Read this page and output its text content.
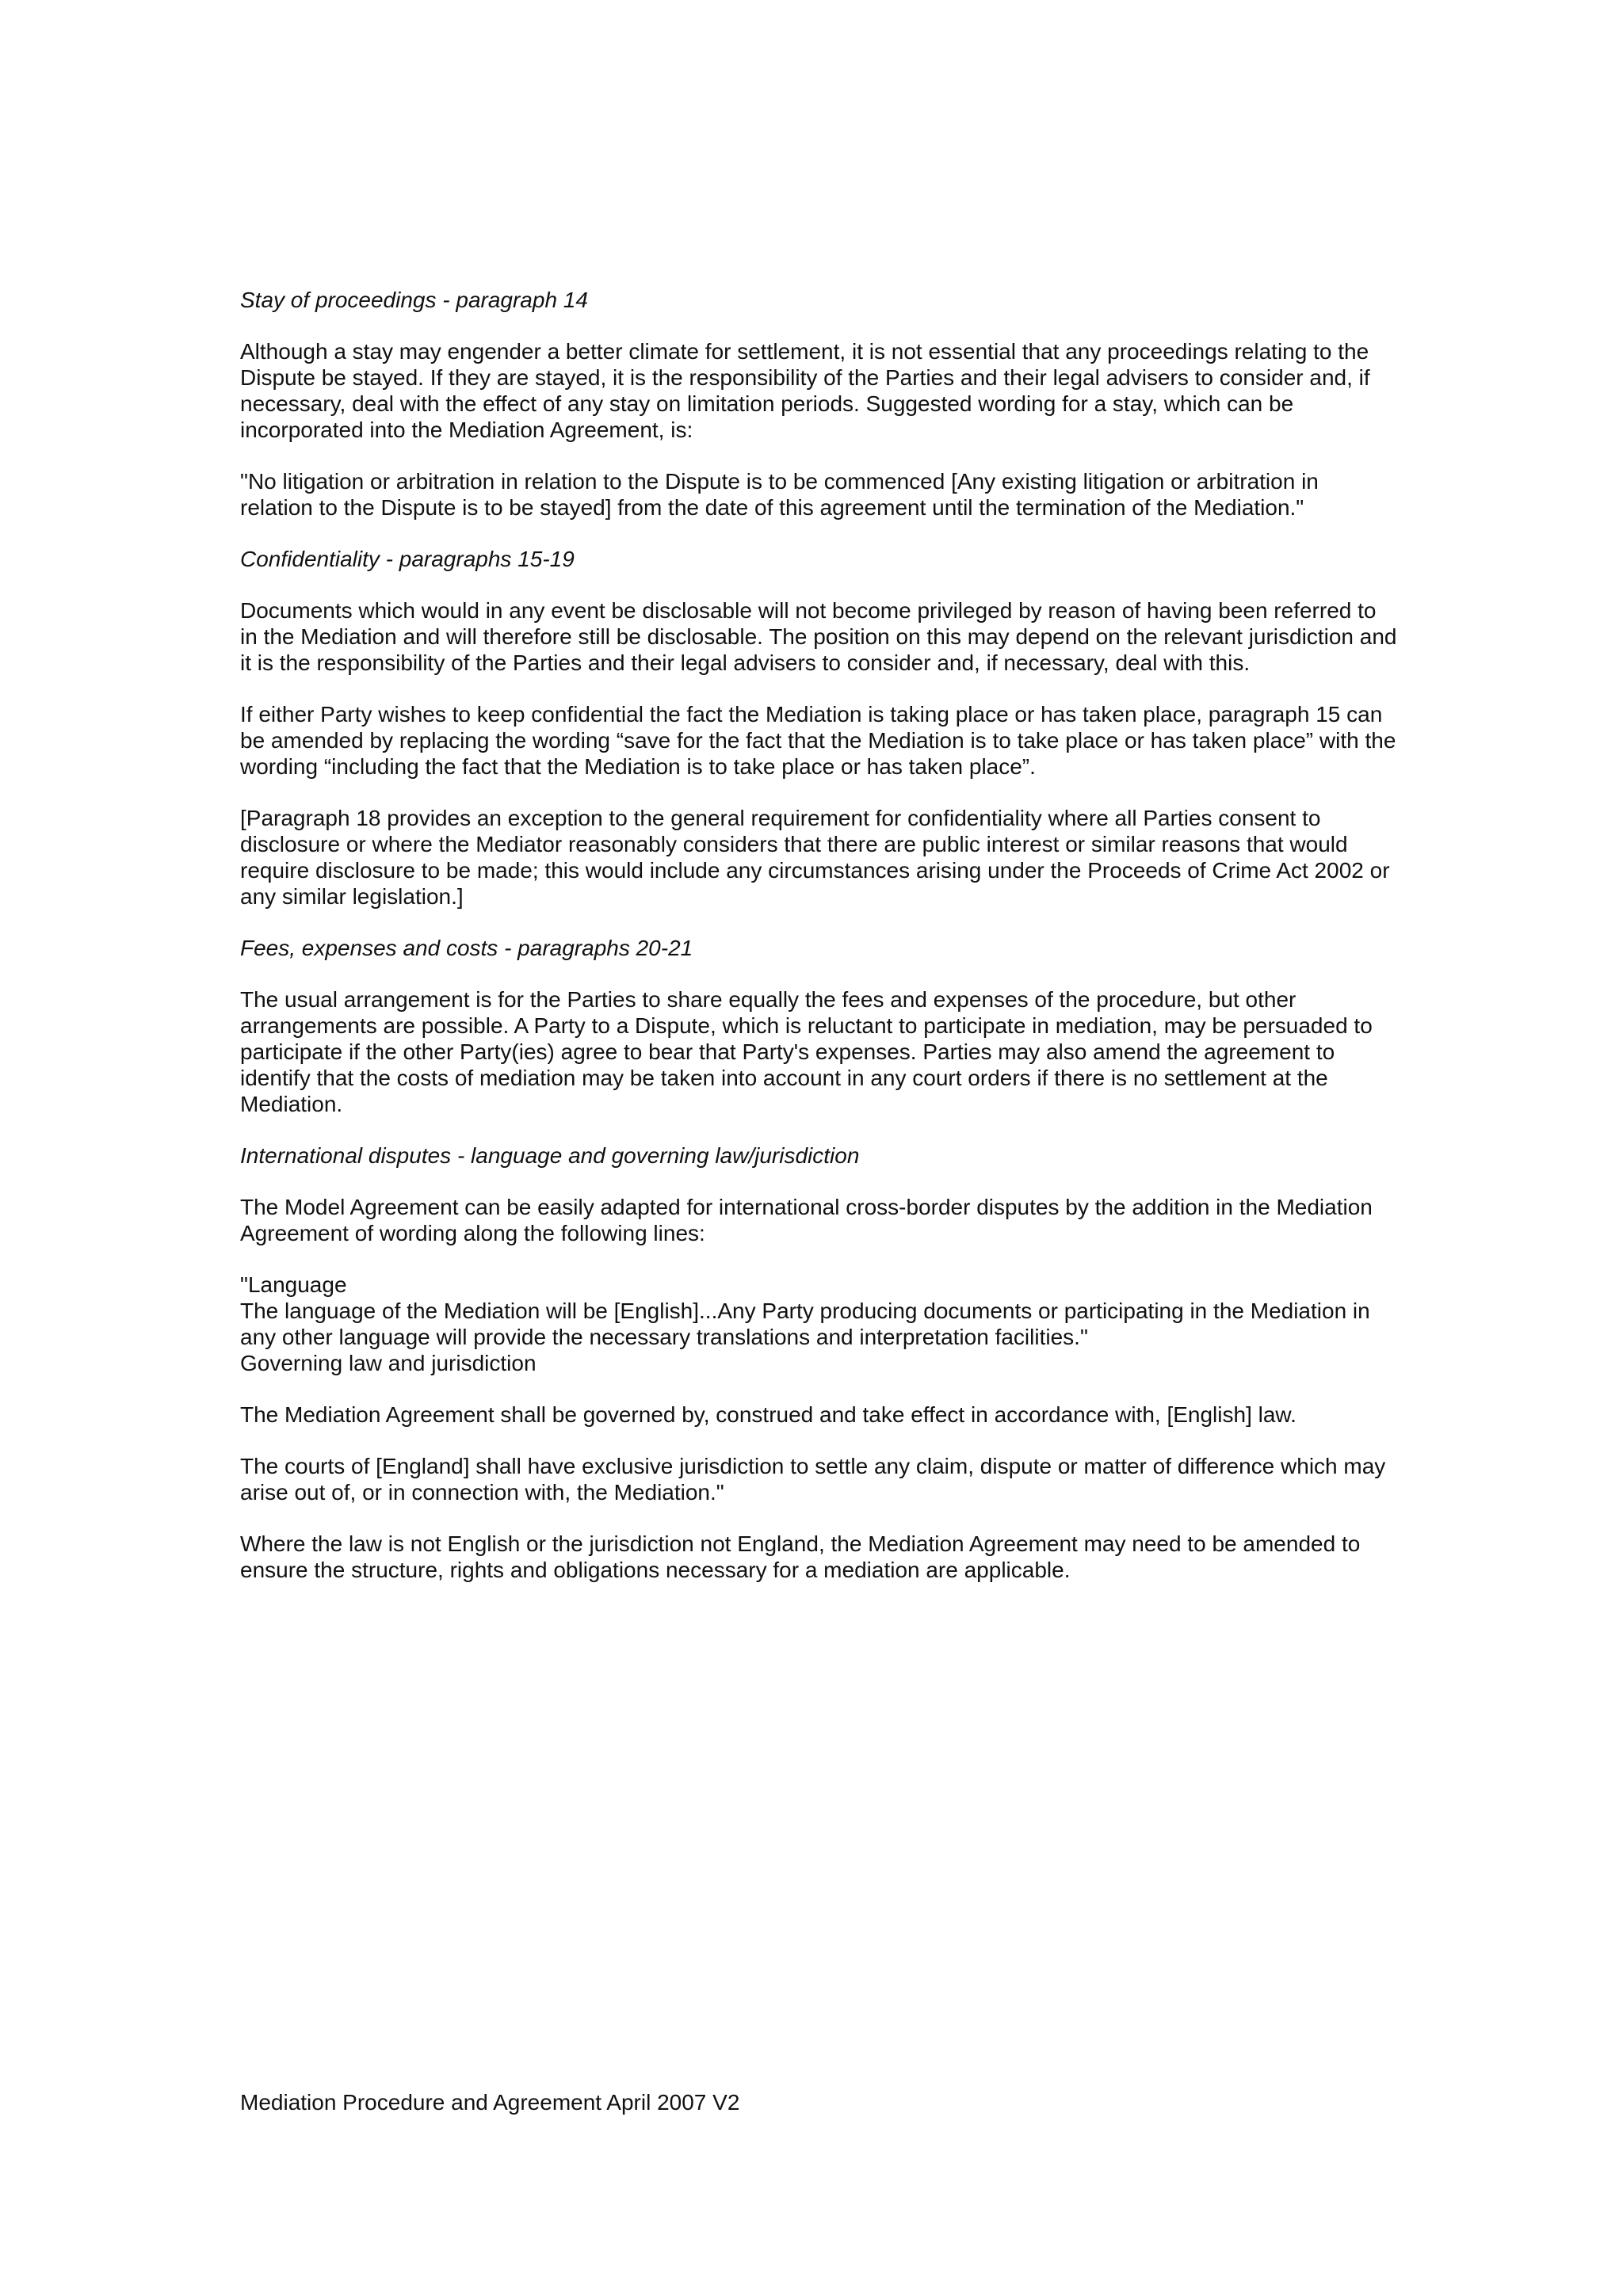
Stay of proceedings - paragraph 14

Although a stay may engender a better climate for settlement, it is not essential that any proceedings relating to the Dispute be stayed. If they are stayed, it is the responsibility of the Parties and their legal advisers to consider and, if necessary, deal with the effect of any stay on limitation periods. Suggested wording for a stay, which can be incorporated into the Mediation Agreement, is:

"No litigation or arbitration in relation to the Dispute is to be commenced [Any existing litigation or arbitration in relation to the Dispute is to be stayed] from the date of this agreement until the termination of the Mediation."

Confidentiality - paragraphs 15-19

Documents which would in any event be disclosable will not become privileged by reason of having been referred to in the Mediation and will therefore still be disclosable. The position on this may depend on the relevant jurisdiction and it is the responsibility of the Parties and their legal advisers to consider and, if necessary, deal with this.

If either Party wishes to keep confidential the fact the Mediation is taking place or has taken place, paragraph 15 can be amended by replacing the wording “save for the fact that the Mediation is to take place or has taken place” with the wording “including the fact that the Mediation is to take place or has taken place”.

[Paragraph 18 provides an exception to the general requirement for confidentiality where all Parties consent to disclosure or where the Mediator reasonably considers that there are public interest or similar reasons that would require disclosure to be made; this would include any circumstances arising under the Proceeds of Crime Act 2002 or any similar legislation.]

Fees, expenses and costs - paragraphs 20-21

The usual arrangement is for the Parties to share equally the fees and expenses of the procedure, but other arrangements are possible. A Party to a Dispute, which is reluctant to participate in mediation, may be persuaded to participate if the other Party(ies) agree to bear that Party's expenses. Parties may also amend the agreement to identify that the costs of mediation may be taken into account in any court orders if there is no settlement at the Mediation.

International disputes - language and governing law/jurisdiction

The Model Agreement can be easily adapted for international cross-border disputes by the addition in the Mediation Agreement of wording along the following lines:

"Language

The language of the Mediation will be [English]...Any Party producing documents or participating in the Mediation in any other language will provide the necessary translations and interpretation facilities."

Governing law and jurisdiction

The Mediation Agreement shall be governed by, construed and take effect in accordance with, [English] law.

The courts of [England] shall have exclusive jurisdiction to settle any claim, dispute or matter of difference which may arise out of, or in connection with, the Mediation."

Where the law is not English or the jurisdiction not England, the Mediation Agreement may need to be amended to ensure the structure, rights and obligations necessary for a mediation are applicable.

Mediation Procedure and Agreement April 2007 V2
